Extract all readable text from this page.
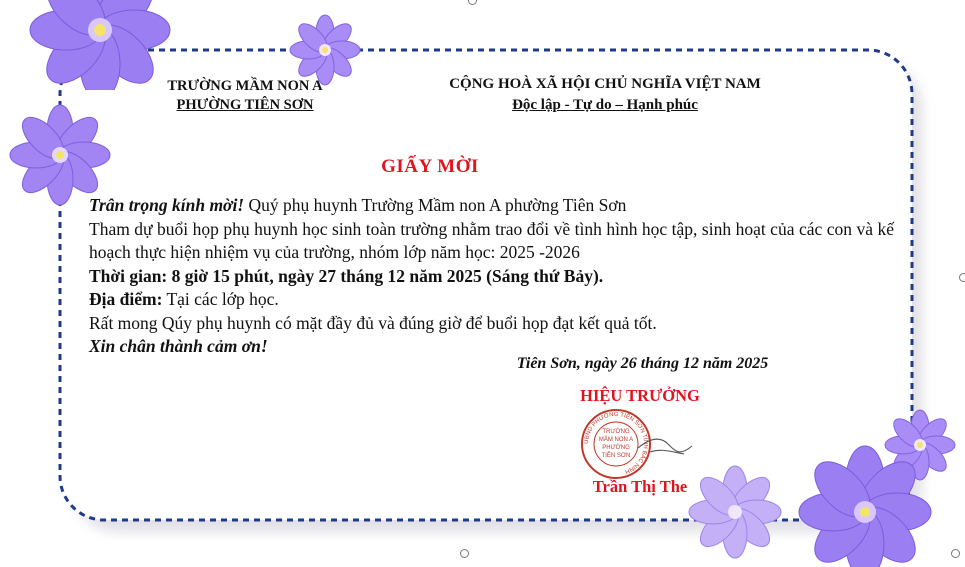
TRƯỜNG MẦM NON A

PHƯỜNG TIÊN SƠN

CỘNG HOÀ XÃ HỘI CHỦ NGHĨA VIỆT NAM

Độc lập - Tự do – Hạnh phúc

GIẤY MỜI

Trân trọng kính mời! Quý phụ huynh Trường Mầm non A phường Tiên Sơn

Tham dự buổi họp phụ huynh học sinh toàn trường nhằm trao đổi về tình hình học tập, sinh hoạt của các con và kế hoạch thực hiện nhiệm vụ của trường, nhóm lớp năm học: 2025 -2026

Thời gian: 8 giờ 15 phút, ngày 27 tháng 12 năm 2025 (Sáng thứ Bảy).

Địa điểm: Tại các lớp học.

Rất mong Qúy phụ huynh có mặt đầy đủ và đúng giờ để buổi họp đạt kết quả tốt.

Xin chân thành cảm ơn!

Tiên Sơn, ngày 26 tháng 12 năm 2025

HIỆU TRƯỞNG

UBND PHƯỜNG TIÊN SƠN TỈNH BẮC NINH
TRƯỜNG
MẦM NON A
PHƯỜNG
TIÊN SƠN

Trần Thị The
